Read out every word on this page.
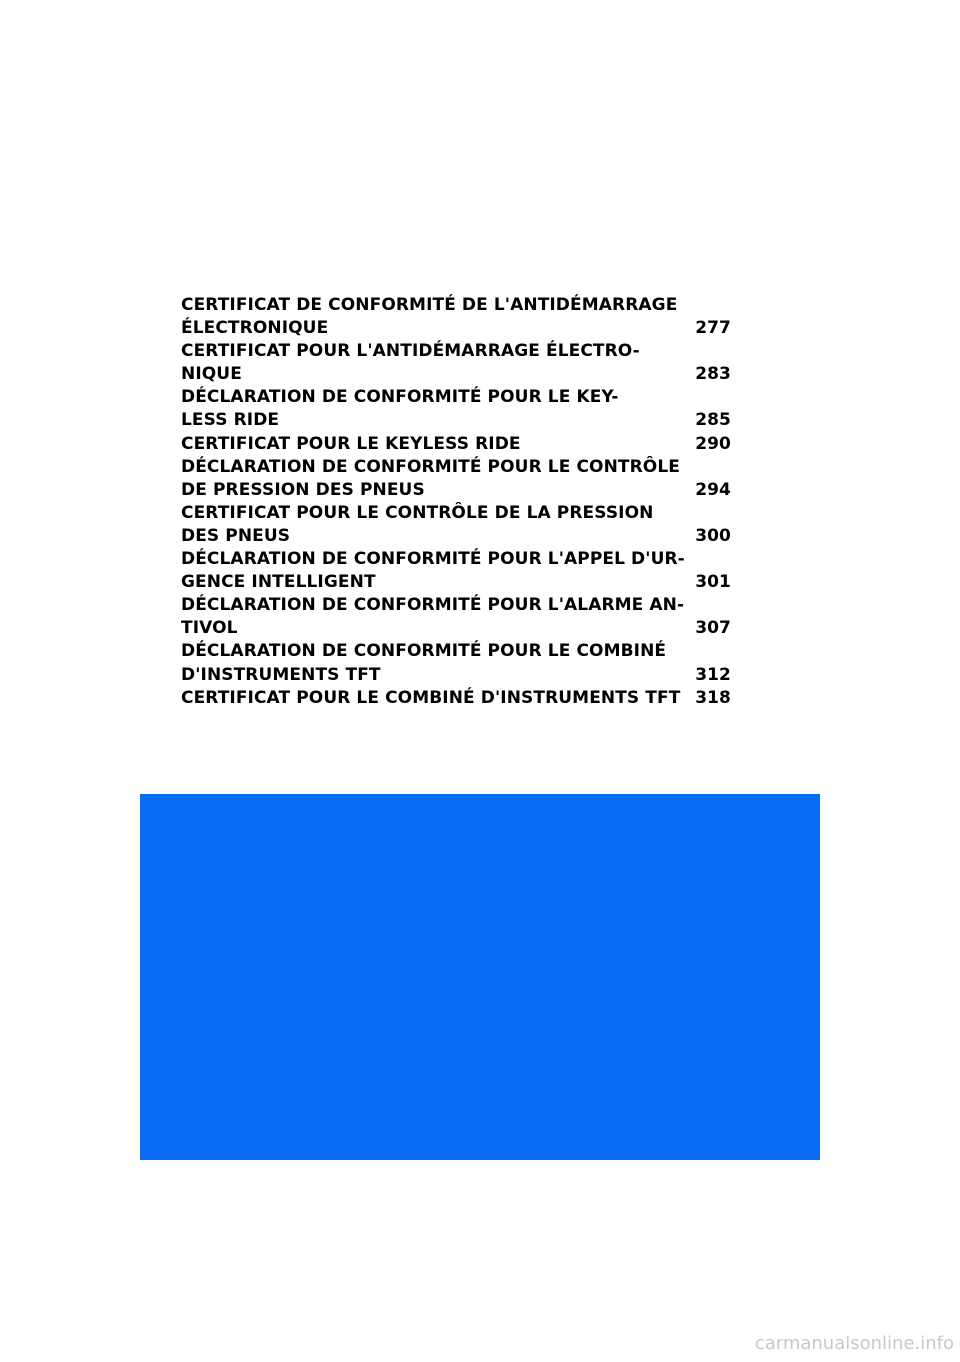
CERTIFICAT DE CONFORMITÉ DE L'ANTIDÉMARRAGE
ÉLECTRONIQUE	277
CERTIFICAT POUR L'ANTIDÉMARRAGE ÉLECTRO-
NIQUE	283
DÉCLARATION DE CONFORMITÉ POUR LE KEY-
LESS RIDE	285
CERTIFICAT POUR LE KEYLESS RIDE	290
DÉCLARATION DE CONFORMITÉ POUR LE CONTRÔLE
DE PRESSION DES PNEUS	294
CERTIFICAT POUR LE CONTRÔLE DE LA PRESSION
DES PNEUS	300
DÉCLARATION DE CONFORMITÉ POUR L'APPEL D'UR-
GENCE INTELLIGENT	301
DÉCLARATION DE CONFORMITÉ POUR L'ALARME AN-
TIVOL	307
DÉCLARATION DE CONFORMITÉ POUR LE COMBINÉ
D'INSTRUMENTS TFT	312
CERTIFICAT POUR LE COMBINÉ D'INSTRUMENTS TFT 318
carmanualsonline.info
